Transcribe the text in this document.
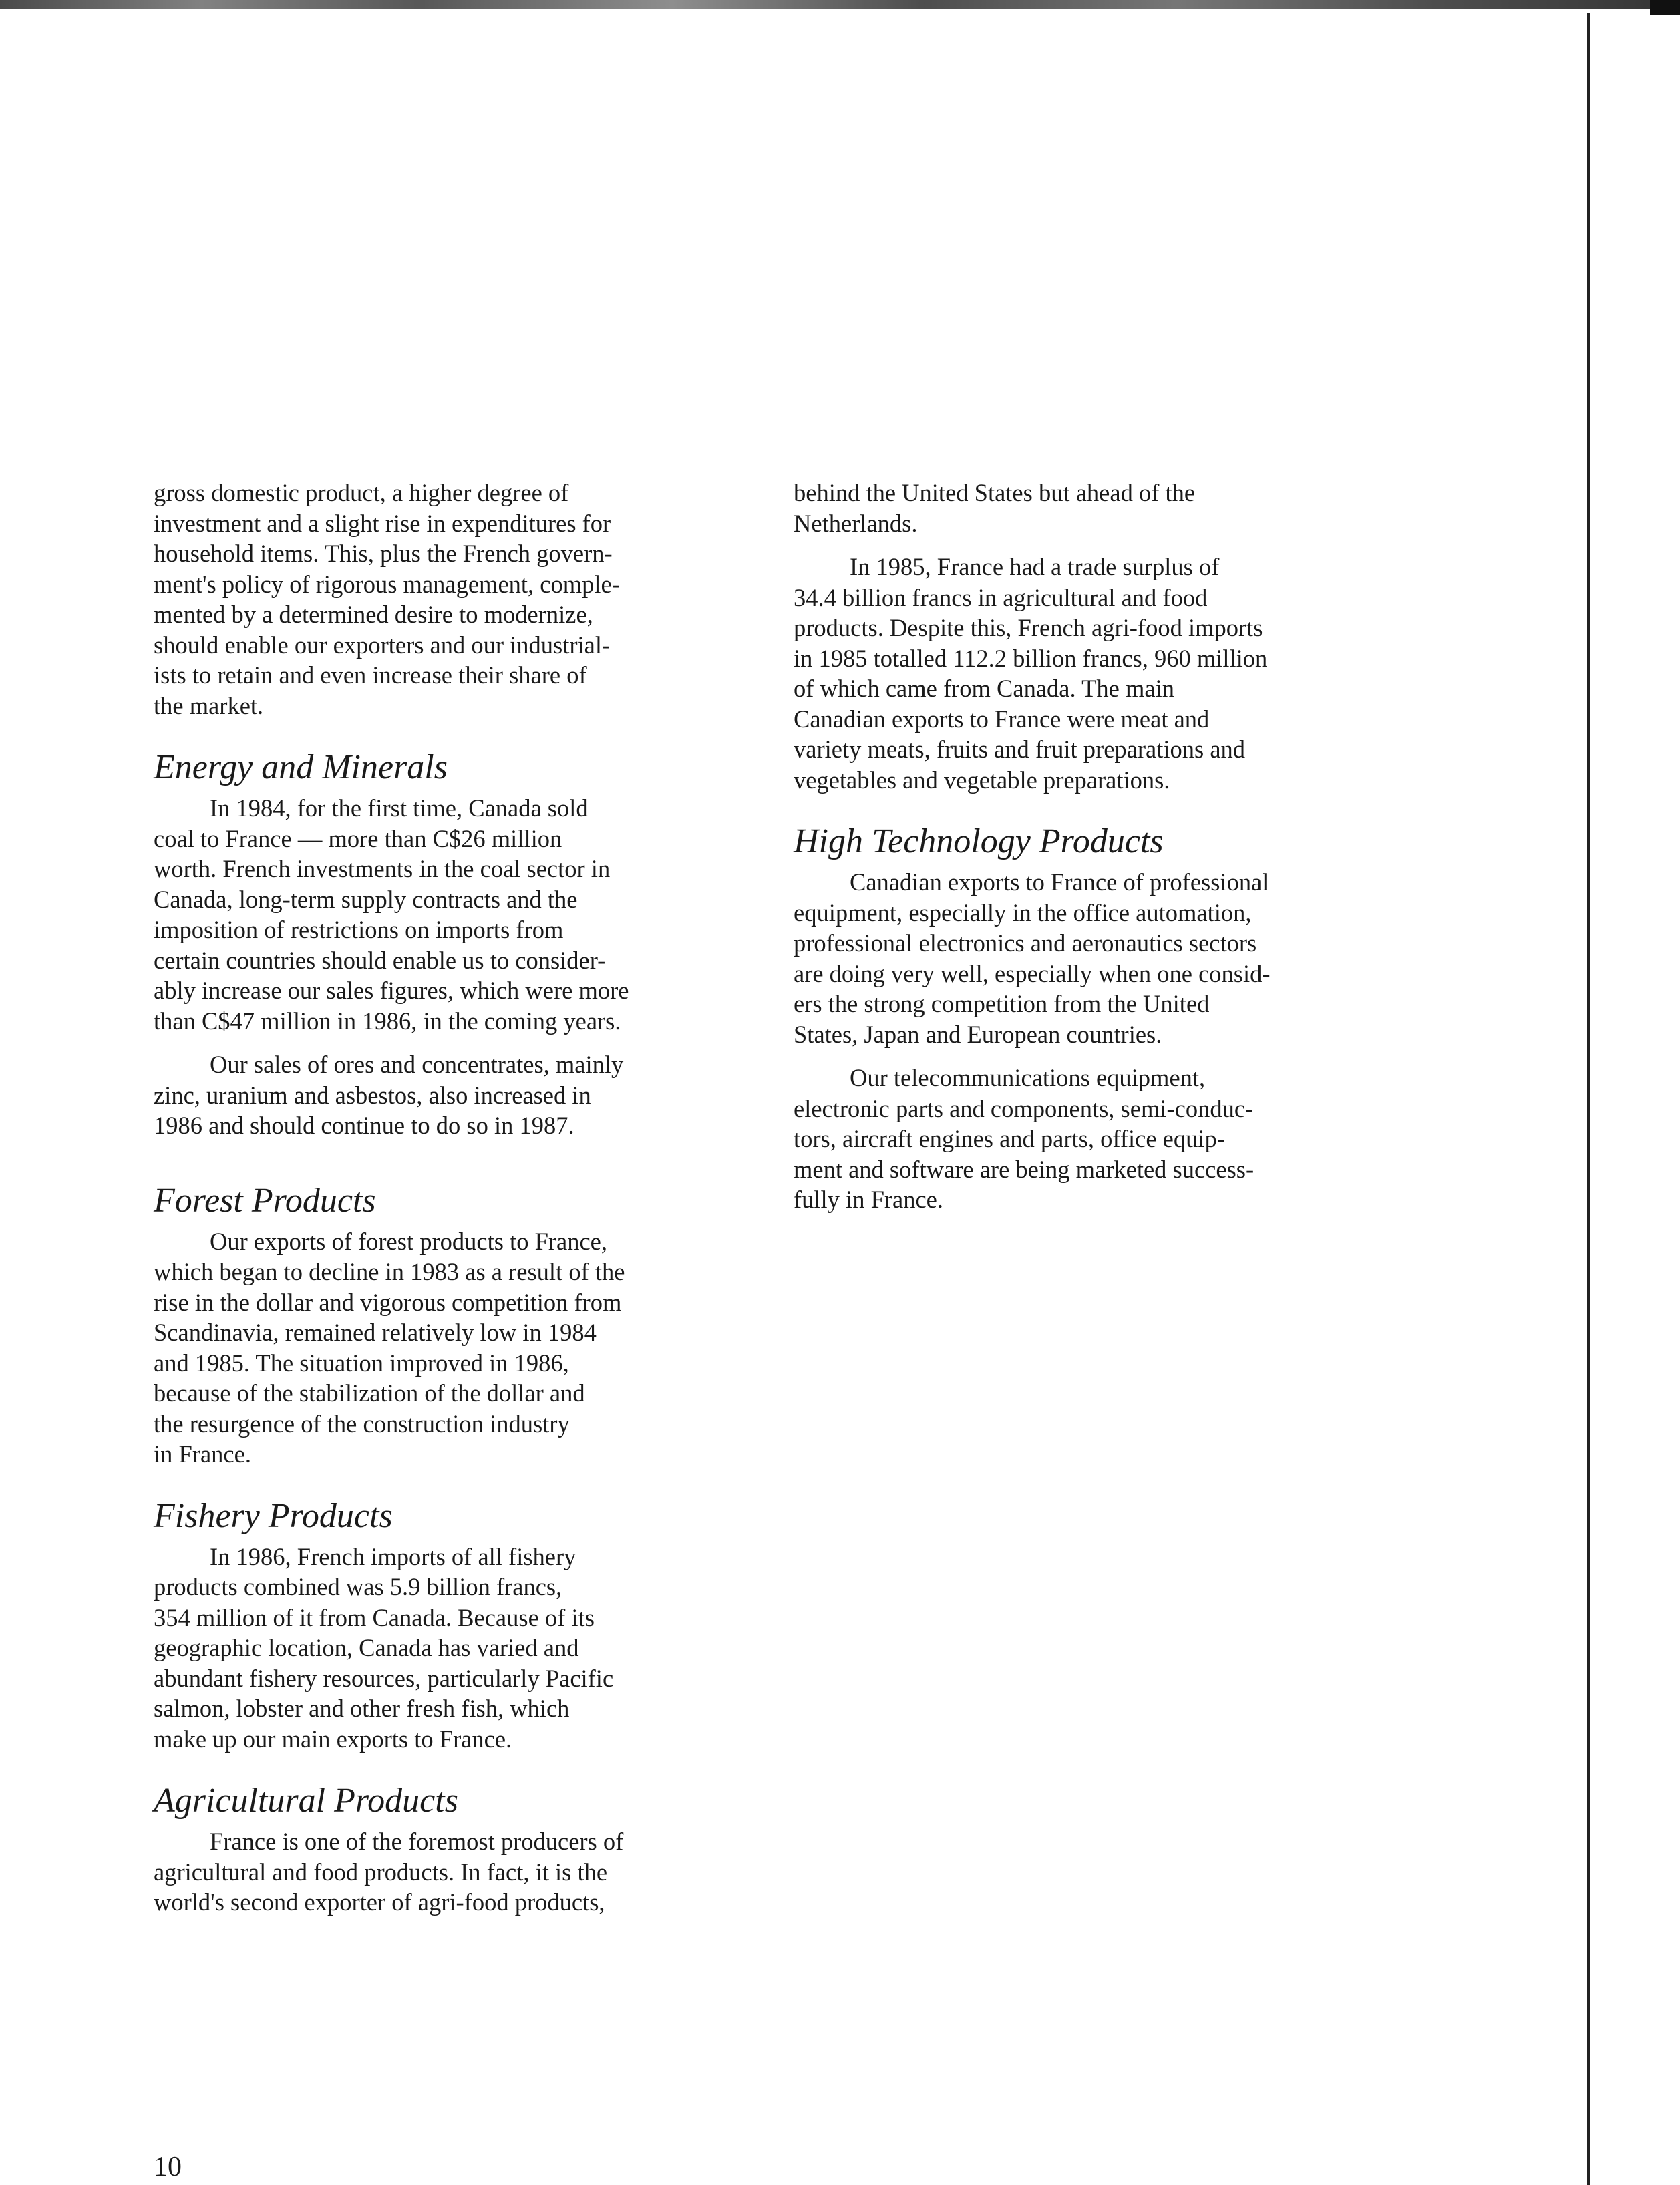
gross domestic product, a higher degree of
investment and a slight rise in expenditures for
household items. This, plus the French govern-
ment's policy of rigorous management, comple-
mented by a determined desire to modernize,
should enable our exporters and our industrial-
ists to retain and even increase their share of
the market.
Energy and Minerals
In 1984, for the first time, Canada sold
coal to France — more than C$26 million
worth. French investments in the coal sector in
Canada, long-term supply contracts and the
imposition of restrictions on imports from
certain countries should enable us to consider-
ably increase our sales figures, which were more
than C$47 million in 1986, in the coming years.
Our sales of ores and concentrates, mainly
zinc, uranium and asbestos, also increased in
1986 and should continue to do so in 1987.
Forest Products
Our exports of forest products to France,
which began to decline in 1983 as a result of the
rise in the dollar and vigorous competition from
Scandinavia, remained relatively low in 1984
and 1985. The situation improved in 1986,
because of the stabilization of the dollar and
the resurgence of the construction industry
in France.
Fishery Products
In 1986, French imports of all fishery
products combined was 5.9 billion francs,
354 million of it from Canada. Because of its
geographic location, Canada has varied and
abundant fishery resources, particularly Pacific
salmon, lobster and other fresh fish, which
make up our main exports to France.
Agricultural Products
France is one of the foremost producers of
agricultural and food products. In fact, it is the
world's second exporter of agri-food products,
behind the United States but ahead of the
Netherlands.
In 1985, France had a trade surplus of
34.4 billion francs in agricultural and food
products. Despite this, French agri-food imports
in 1985 totalled 112.2 billion francs, 960 million
of which came from Canada. The main
Canadian exports to France were meat and
variety meats, fruits and fruit preparations and
vegetables and vegetable preparations.
High Technology Products
Canadian exports to France of professional
equipment, especially in the office automation,
professional electronics and aeronautics sectors
are doing very well, especially when one consid-
ers the strong competition from the United
States, Japan and European countries.
Our telecommunications equipment,
electronic parts and components, semi-conduc-
tors, aircraft engines and parts, office equip-
ment and software are being marketed success-
fully in France.
10
